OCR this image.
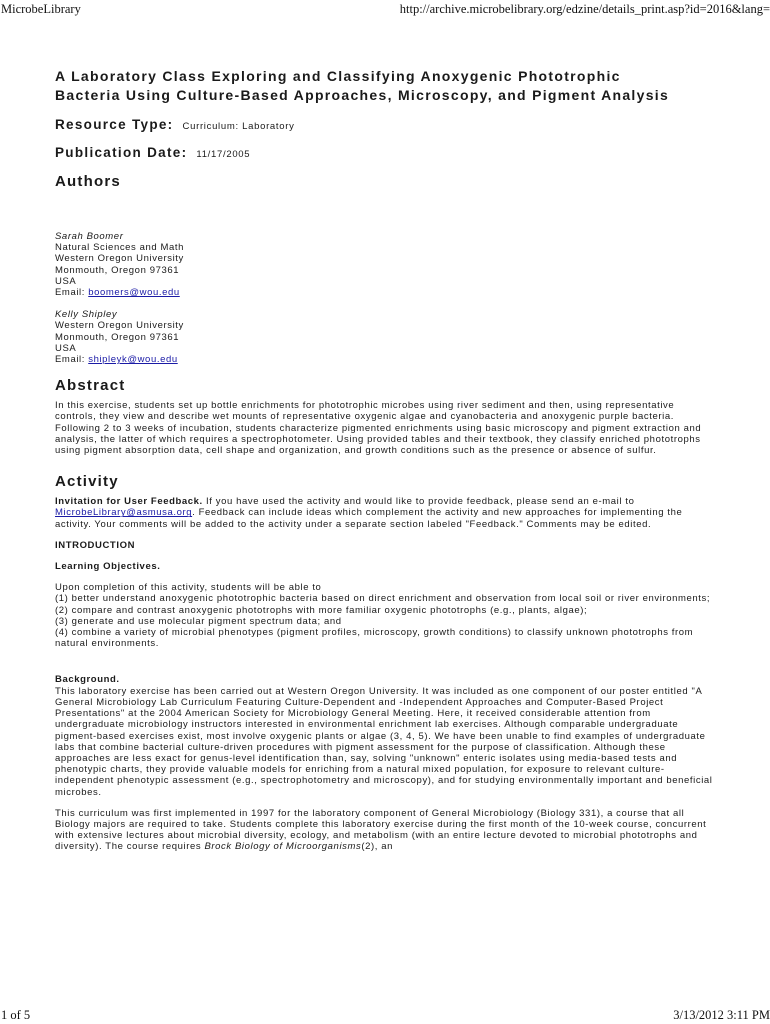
MicrobeLibrary	http://archive.microbelibrary.org/edzine/details_print.asp?id=2016&lang=
A Laboratory Class Exploring and Classifying Anoxygenic Phototrophic
Bacteria Using Culture-Based Approaches, Microscopy, and Pigment Analysis
Resource Type: Curriculum: Laboratory
Publication Date: 11/17/2005
Authors
Sarah Boomer
Natural Sciences and Math
Western Oregon University
Monmouth, Oregon 97361
USA
Email: boomers@wou.edu
Kelly Shipley
Western Oregon University
Monmouth, Oregon 97361
USA
Email: shipleyk@wou.edu
Abstract

In this exercise, students set up bottle enrichments for phototrophic microbes using river sediment and then, using representative controls, they view and describe wet mounts of representative oxygenic algae and cyanobacteria and anoxygenic purple bacteria. Following 2 to 3 weeks of incubation, students characterize pigmented enrichments using basic microscopy and pigment extraction and analysis, the latter of which requires a spectrophotometer. Using provided tables and their textbook, they classify enriched phototrophs using pigment absorption data, cell shape and organization, and growth conditions such as the presence or absence of sulfur.

Activity

Invitation for User Feedback. If you have used the activity and would like to provide feedback, please send an e-mail to MicrobeLibrary@asmusa.org. Feedback can include ideas which complement the activity and new approaches for implementing the activity. Your comments will be added to the activity under a separate section labeled "Feedback." Comments may be edited.

INTRODUCTION
Learning Objectives.
Upon completion of this activity, students will be able to
(1) better understand anoxygenic phototrophic bacteria based on direct enrichment and observation from local soil or river environments;
(2) compare and contrast anoxygenic phototrophs with more familiar oxygenic phototrophs (e.g., plants, algae);
(3) generate and use molecular pigment spectrum data; and
(4) combine a variety of microbial phenotypes (pigment profiles, microscopy, growth conditions) to classify unknown phototrophs from natural environments.

Background.
This laboratory exercise has been carried out at Western Oregon University. It was included as one component of our poster entitled "A General Microbiology Lab Curriculum Featuring Culture-Dependent and -Independent Approaches and Computer-Based Project Presentations" at the 2004 American Society for Microbiology General Meeting. Here, it received considerable attention from undergraduate microbiology instructors interested in environmental enrichment lab exercises. Although comparable undergraduate pigment-based exercises exist, most involve oxygenic plants or algae (3, 4, 5). We have been unable to find examples of undergraduate labs that combine bacterial culture-driven procedures with pigment assessment for the purpose of classification. Although these approaches are less exact for genus-level identification than, say, solving "unknown" enteric isolates using media-based tests and phenotypic charts, they provide valuable models for enriching from a natural mixed population, for exposure to relevant culture-independent phenotypic assessment (e.g., spectrophotometry and microscopy), and for studying environmentally important and beneficial microbes.

This curriculum was first implemented in 1997 for the laboratory component of General Microbiology (Biology 331), a course that all Biology majors are required to take. Students complete this laboratory exercise during the first month of the 10-week course, concurrent with extensive lectures about microbial diversity, ecology, and metabolism (with an entire lecture devoted to microbial phototrophs and diversity). The course requires Brock Biology of Microorganisms(2), an

1 of 5	3/13/2012 3:11 PM
